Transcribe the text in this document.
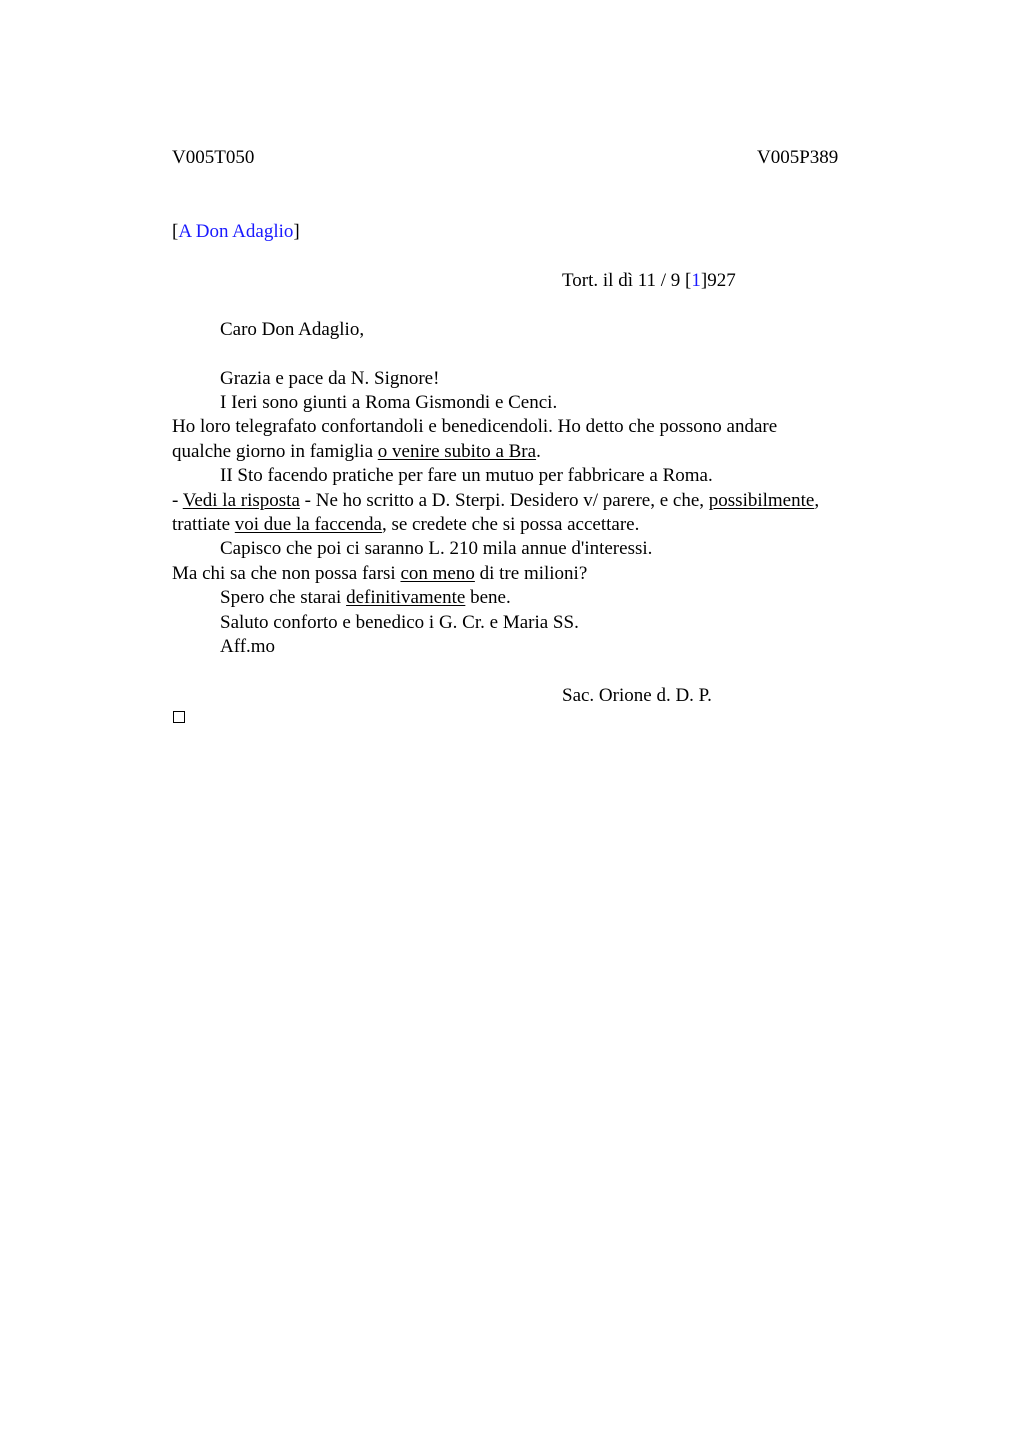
V005T050	V005P389
[A Don Adaglio]
Tort. il dì 11 / 9 [1]927
Caro Don Adaglio,
Grazia e pace da N. Signore!
I Ieri sono giunti a Roma Gismondi e Cenci.
Ho loro telegrafato confortandoli e benedicendoli. Ho detto che possono andare
qualche giorno in famiglia o venire subito a Bra.
II Sto facendo pratiche per fare un mutuo per fabbricare a Roma.
- Vedi la risposta - Ne ho scritto a D. Sterpi. Desidero v/ parere, e che, possibilmente,
trattiate voi due la faccenda, se credete che si possa accettare.
Capisco che poi ci saranno L. 210 mila annue d'interessi.
Ma chi sa che non possa farsi con meno di tre milioni?
Spero che starai definitivamente bene.
Saluto conforto e benedico i G. Cr. e Maria SS.
Aff.mo
Sac. Orione d. D. P.
